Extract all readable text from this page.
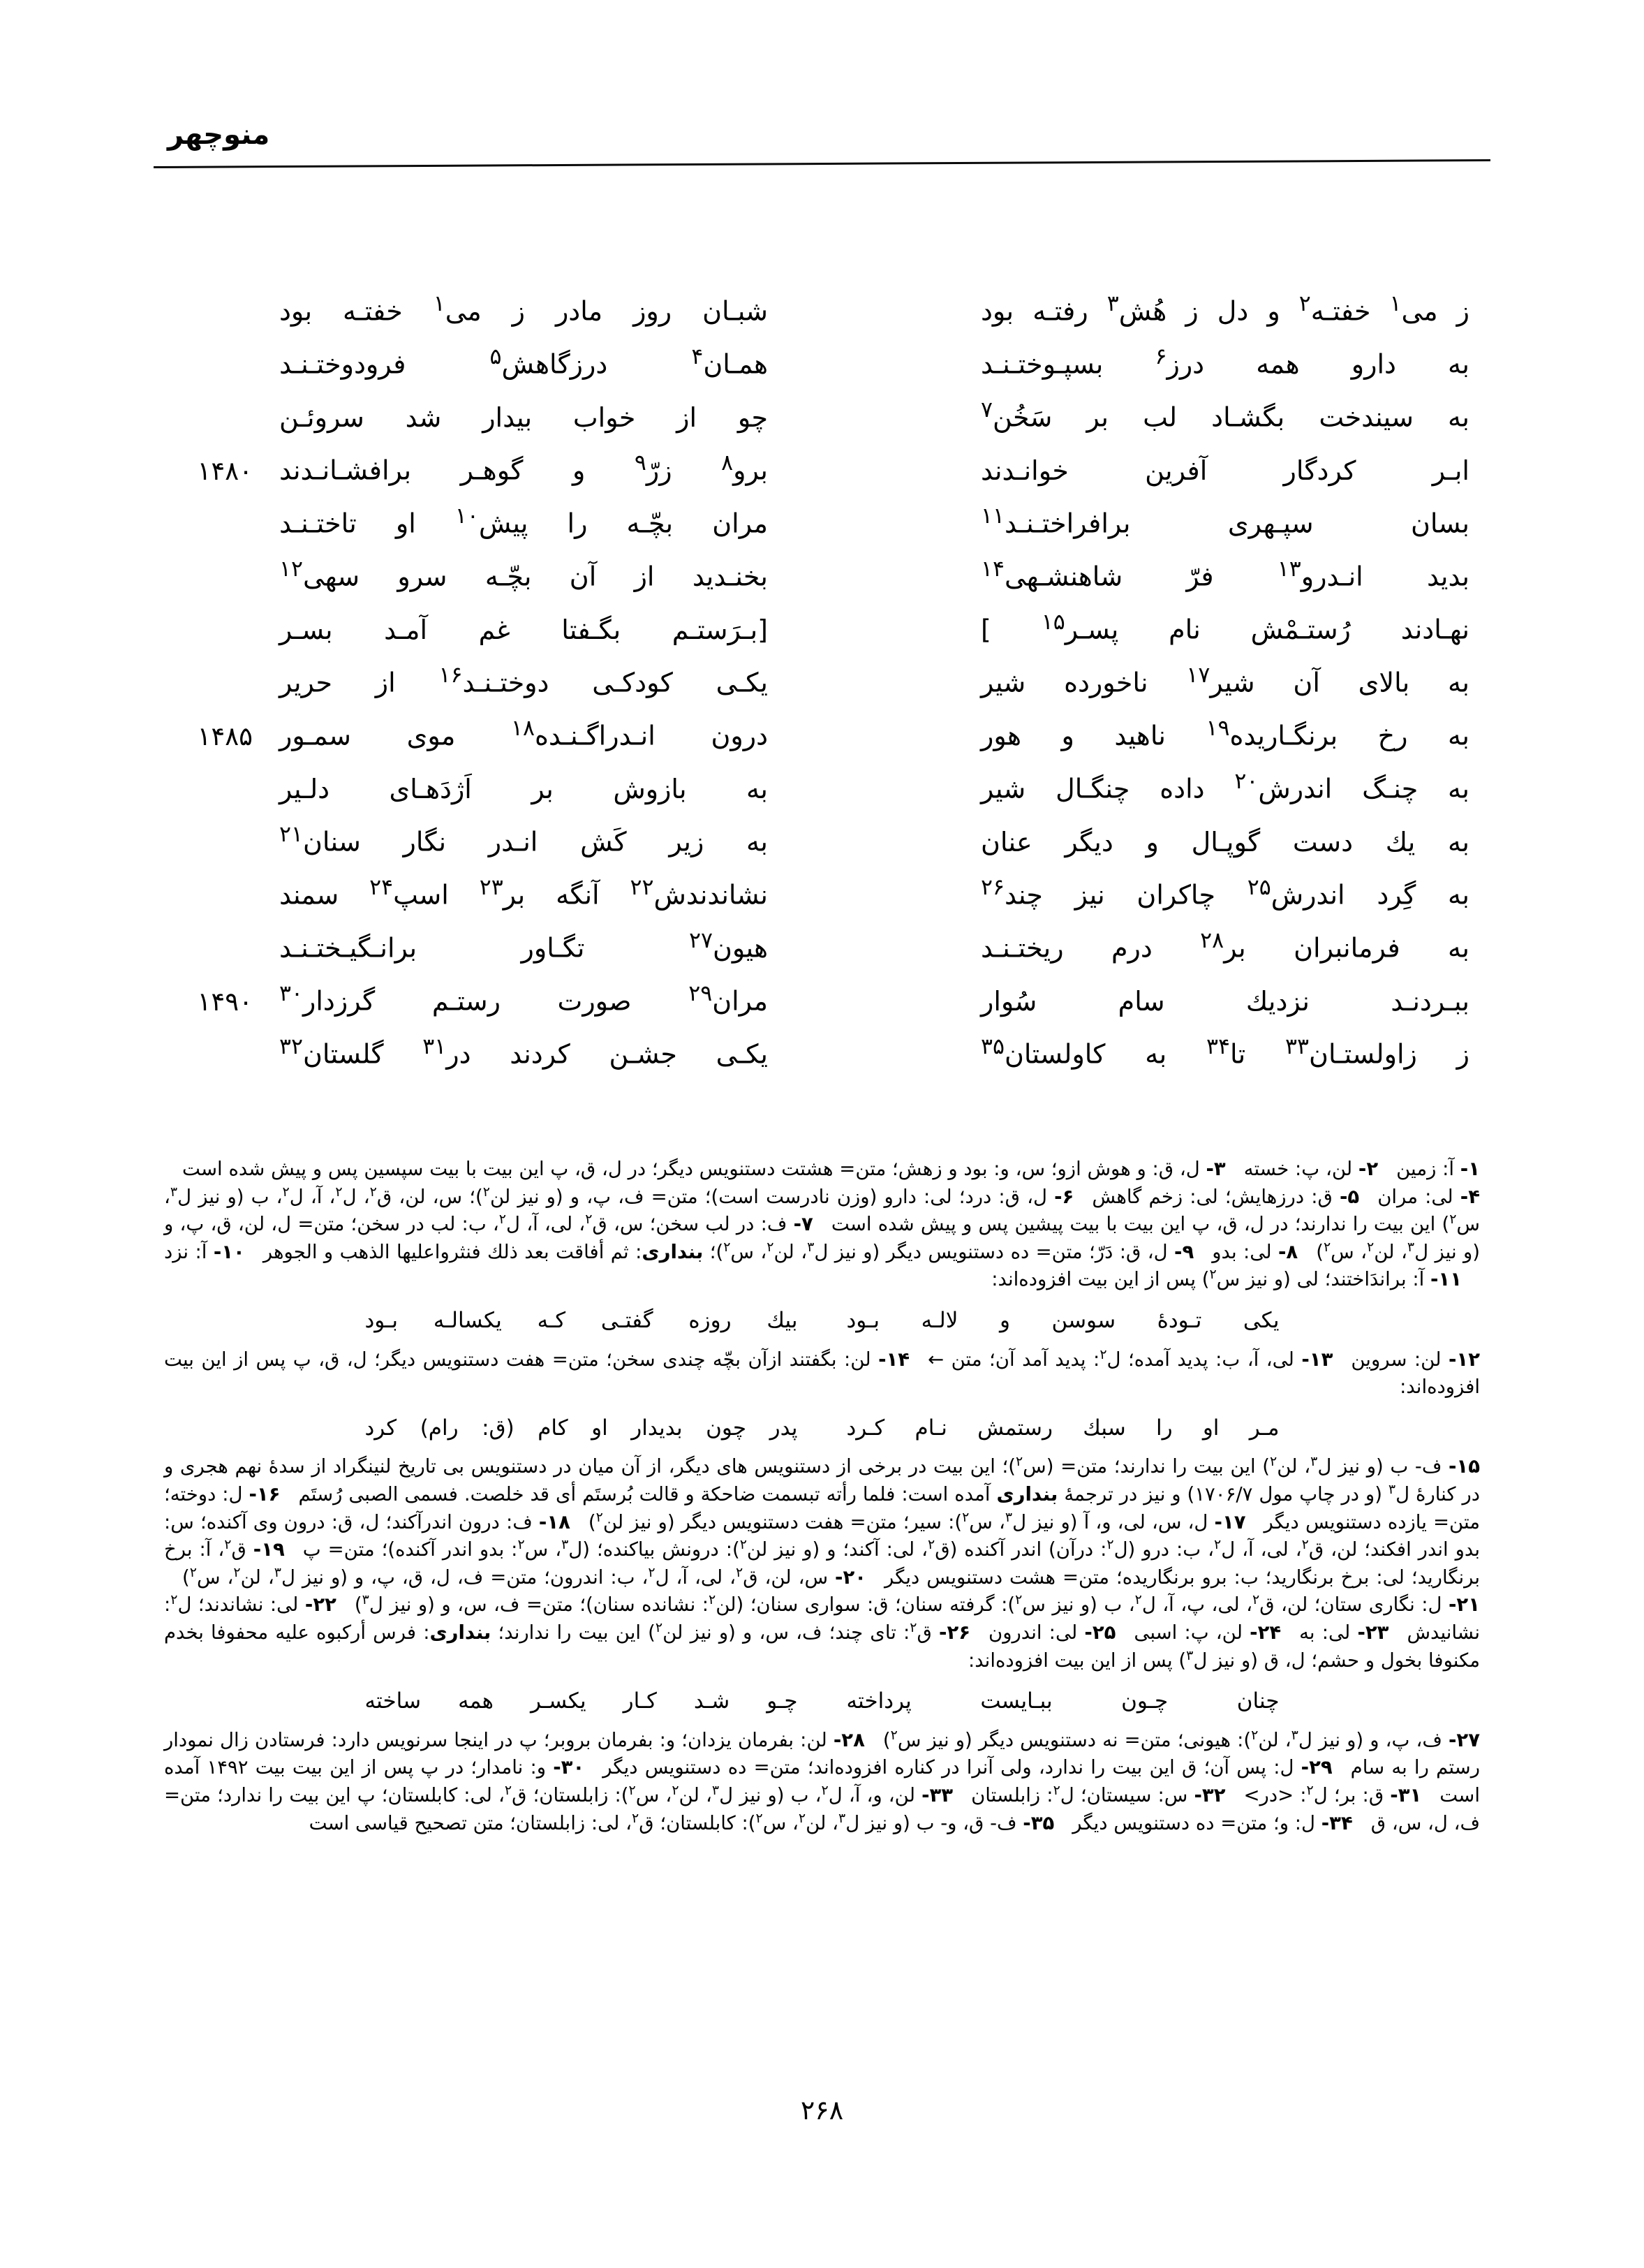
منوچهر
ز می$^۱$ خفتـه$^۲$ و دل ز هُش$^۳$ رفتـه بود
شبـان روز مادر ز می$^۱$ خفتـه بود
به دارو همه درز$^۶$ بسپـوختـنـد
همـان$^۴$ درزگاهش$^۵$ فرودوختـنـد
به سیندخت بگشـاد لب بر سَخُن$^۷$
چو از خواب بیدار شد سروئـن
ابـر کردگار آفرین خوانـدند
برو$^۸$ زرّ$^۹$ و گوهـر برافشـانـدند
۱۴۸۰
بسان سپـهری برافراختـنـد$^{۱۱}$
مران بچّـه را پیش$^{۱۰}$ او تاختـنـد
بدید انـدرو$^{۱۳}$ فرّ شاهنشـهی$^{۱۴}$
بخنـدید از آن بچّـه سرو سهی$^{۱۲}$
نهـادند رُستـمْش نام پسـر$^{۱۵}$ ]
[بـرَستـم بگـفتا غم آمـد بسـر
به بالای آن شیر$^{۱۷}$ ناخورده شیر
یکـی کودکـی دوختـنـد$^{۱۶}$ از حریر
به رخ برنگـاریده$^{۱۹}$ ناهید و هور
درون انـدراگـنـده$^{۱۸}$ موی سمـور
۱۴۸۵
به چنـگ اندرش$^{۲۰}$ داده چنگـال شیر
به بازوش بر اَژدَهـای دلـیر
به یك دست گوپـال و دیگر عنان
به زیر کَش انـدر نگار سنان$^{۲۱}$
به گِرد اندرش$^{۲۵}$ چاکران نیز چند$^{۲۶}$
نشاندندش$^{۲۲}$ آنگه بر$^{۲۳}$ اسپ$^{۲۴}$ سمند
به فرمانبران بر$^{۲۸}$ درم ریختـنـد
هیون$^{۲۷}$ تگـاور برانـگیـختـنـد
ببـردنـد نزدیك سام سُوار
مران$^{۲۹}$ صورت رستـم گرزدار$^{۳۰}$
۱۴۹۰
ز زاولستـان$^{۳۳}$ تا$^{۳۴}$ به کاولستان$^{۳۵}$
یکـی جشـن کردند در$^{۳۱}$ گلستان$^{۳۲}$

۱- آ: زمین۲- لن، پ: خسته۳- ل، ق: و هوش ازو؛ س، و: بود و زهش؛ متن= هشتت دستنویس دیگر؛ در ل، ق، پ این بیت با بیت سپسین پس و پیش شده است۴- لی: مران۵- ق: درزهایش؛ لی: زخم گاهش۶- ل، ق: درد؛ لی: دارو (وزن نادرست است)؛ متن= ف، پ، و (و نیز لن$^۲$)؛ س، لن، ق$^۲$، ل$^۲$، آ، ل$^۲$، ب (و نیز ل$^۳$، س$^۲$) این بیت را ندارند؛ در ل، ق، پ این بیت با بیت پیشین پس و پیش شده است۷- ف: در لب سخن؛ س، ق$^۲$، لی، آ، ل$^۲$، ب: لب در سخن؛ متن= ل، لن، ق، پ، و (و نیز ل$^۳$، لن$^۲$، س$^۲$)۸- لی: بدو۹- ل، ق: دَرّ؛ متن= ده دستنویس دیگر (و نیز ل$^۳$، لن$^۲$، س$^۲$)؛ بنداری: ثم أفاقت بعد ذلك فنثرواعلیها الذهب و الجوهر۱۰- آ: نزد۱۱- آ: براندَاختند؛ لی (و نیز س$^۲$) پس از این بیت افزوده‌اند:

یکی تـودهٔ سوسن و لالـه بـود
بیك روزه گفتـی کـه یکسالـه بـود

۱۲- لن: سروین۱۳- لی، آ، ب: پدید آمده؛ ل$^۲$: پدید آمد آن؛ متن ←۱۴- لن: بگفتند ازآن بچّه چندی سخن؛ متن= هفت دستنویس دیگر؛ ل، ق، پ پس از این بیت افزوده‌اند:

مـر او را سبك رستمش نـام کـرد
پدر چون بدیدار او کام (ق: رام) کرد

۱۵- ف- ب (و نیز ل$^۳$، لن$^۲$) این بیت را ندارند؛ متن= (س$^۲$)؛ این بیت در برخی از دستنویس های دیگر، از آن میان در دستنویس بی تاریخ لنینگراد از سدهٔ نهم هجری و در کنارهٔ ل$^۳$ (و در چاپ مول ۱۷۰۶/۷) و نیز در ترجمهٔ بنداری آمده است: فلما رأته تبسمت ضاحكة و قالت بُرستَم أی قد خلصت. فسمی الصبی رُستَم۱۶- ل: دوخته؛ متن= یازده دستنویس دیگر۱۷- ل، س، لی، و، آ (و نیز ل$^۳$، س$^۲$): سیر؛ متن= هفت دستنویس دیگر (و نیز لن$^۲$)۱۸- ف: درون اندرآکند؛ ل، ق: درون وی آکنده؛ س: بدو اندر افکند؛ لن، ق$^۲$، لی، آ، ل$^۲$، ب: درو (ل$^۲$: درآن) اندر آکنده (ق$^۲$، لی: آکند؛ و (و نیز لن$^۲$): درونش بیاکنده؛ (ل$^۳$، س$^۲$: بدو اندر آکنده)؛ متن= پ۱۹- ق$^۲$، آ: برخ برنگارید؛ لی: برخ برنگارید؛ ب: برو برنگاریده؛ متن= هشت دستنویس دیگر۲۰- س، لن، ق$^۲$، لی، آ، ل$^۲$، ب: اندرون؛ متن= ف، ل، ق، پ، و (و نیز ل$^۳$، لن$^۲$، س$^۲$)۲۱- ل: نگاری ستان؛ لن، ق$^۲$، لی، پ، آ، ل$^۲$، ب (و نیز س$^۲$): گرفته سنان؛ ق: سواری سنان؛ (لن$^۲$: نشانده سنان)؛ متن= ف، س، و (و نیز ل$^۳$)۲۲- لی: نشاندند؛ ل$^۲$: نشانیدش۲۳- لی: به۲۴- لن، پ: اسبی۲۵- لی: اندرون۲۶- ق$^۲$: تای چند؛ ف، س، و (و نیز لن$^۲$) این بیت را ندارند؛ بنداری: فرس أركبوه علیه محفوفا بخدم مكنوفا بخول و حشم؛ ل، ق (و نیز ل$^۳$) پس از این بیت افزوده‌اند:

چنان چـون ببـایست پرداخته
چـو شـد کـار یکسـر همه ساخته

۲۷- ف، پ، و (و نیز ل$^۳$، لن$^۲$): هیونی؛ متن= نه دستنویس دیگر (و نیز س$^۲$)۲۸- لن: بفرمان یزدان؛ و: بفرمان بروبر؛ پ در اینجا سرنویس دارد: فرستادن زال نمودار رستم را به سام۲۹- ل: پس آن؛ ق این بیت را ندارد، ولی آنرا در کناره افزوده‌اند؛ متن= ده دستنویس دیگر۳۰- و: نامدار؛ در پ پس از این بیت بیت ۱۴۹۲ آمده است۳۱- ق: بر؛ ل$^۲$: <در>۳۲- س: سیستان؛ ل$^۲$: زابلستان۳۳- لن، و، آ، ل$^۲$، ب (و نیز ل$^۳$، لن$^۲$، س$^۲$): زابلستان؛ ق$^۲$، لی: کابلستان؛ پ این بیت را ندارد؛ متن= ف، ل، س، ق۳۴- ل: و؛ متن= ده دستنویس دیگر۳۵- ف- ق، و- ب (و نیز ل$^۳$، لن$^۲$، س$^۲$): کابلستان؛ ق$^۲$، لی: زابلستان؛ متن تصحیح قیاسی است

۲۶۸
